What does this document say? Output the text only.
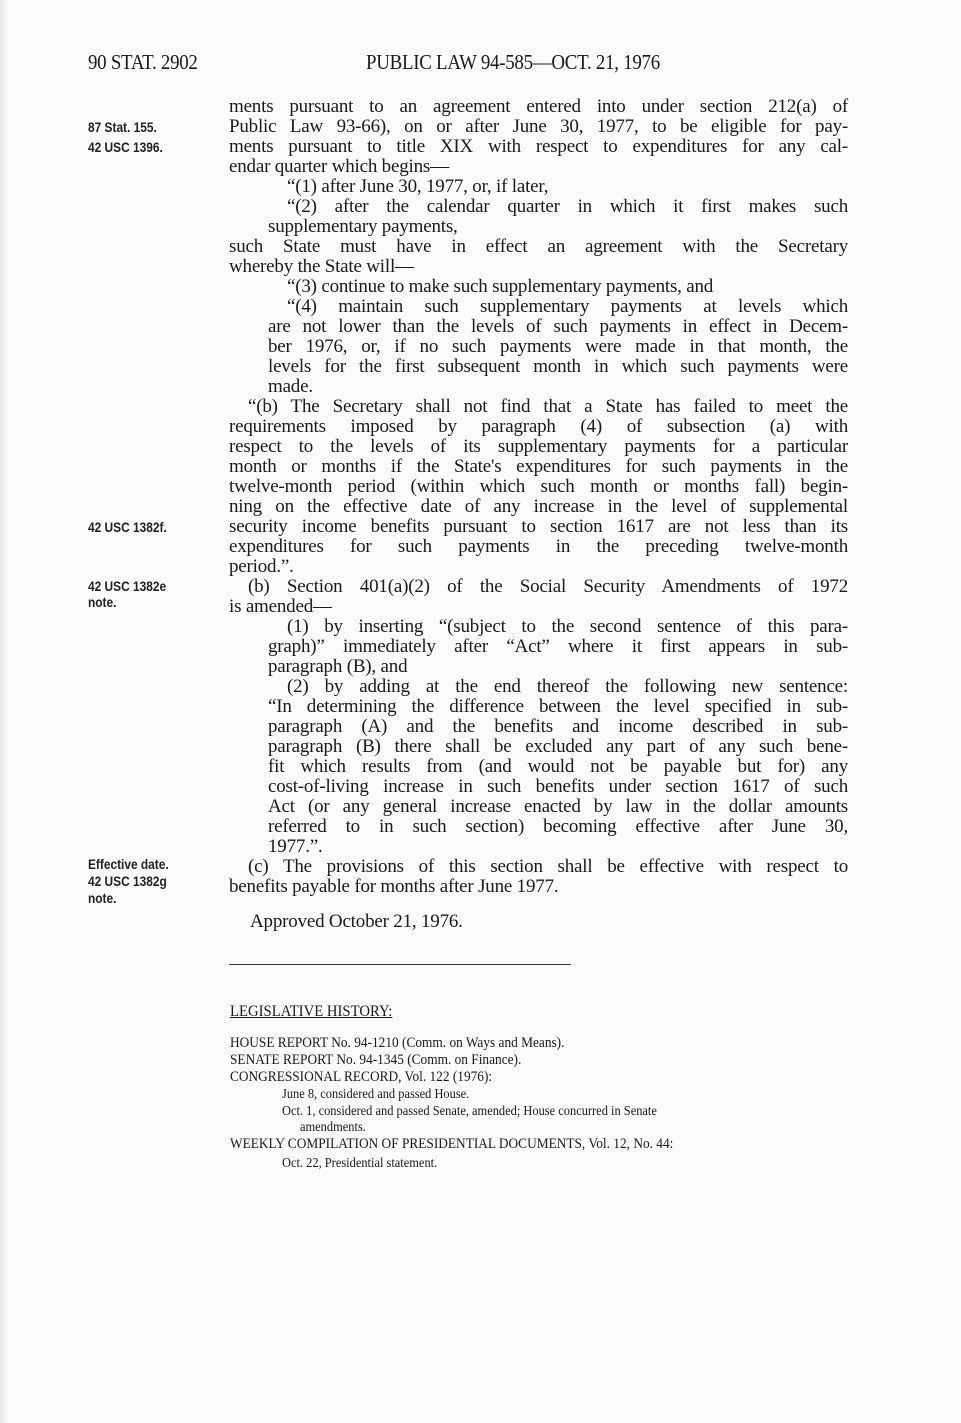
90 STAT. 2902	PUBLIC LAW 94-585—OCT. 21, 1976
87 Stat. 155.
42 USC 1396.
42 USC 1382f.
42 USC 1382e
note.
Effective date.
42 USC 1382g
note.
ments pursuant to an agreement entered into under section 212(a) of
Public Law 93-66), on or after June 30, 1977, to be eligible for pay-
ments pursuant to title XIX with respect to expenditures for any cal-
endar quarter which begins—
“(1) after June 30, 1977, or, if later,
“(2) after the calendar quarter in which it first makes such
supplementary payments,
such State must have in effect an agreement with the Secretary
whereby the State will—
“(3) continue to make such supplementary payments, and
“(4) maintain such supplementary payments at levels which
are not lower than the levels of such payments in effect in Decem-
ber 1976, or, if no such payments were made in that month, the
levels for the first subsequent month in which such payments were
made.
“(b) The Secretary shall not find that a State has failed to meet the
requirements imposed by paragraph (4) of subsection (a) with
respect to the levels of its supplementary payments for a particular
month or months if the State's expenditures for such payments in the
twelve-month period (within which such month or months fall) begin-
ning on the effective date of any increase in the level of supplemental
security income benefits pursuant to section 1617 are not less than its
expenditures for such payments in the preceding twelve-month
period.”.
(b) Section 401(a)(2) of the Social Security Amendments of 1972
is amended—
(1) by inserting “(subject to the second sentence of this para-
graph)” immediately after “Act” where it first appears in sub-
paragraph (B), and
(2) by adding at the end thereof the following new sentence:
“In determining the difference between the level specified in sub-
paragraph (A) and the benefits and income described in sub-
paragraph (B) there shall be excluded any part of any such bene-
fit which results from (and would not be payable but for) any
cost-of-living increase in such benefits under section 1617 of such
Act (or any general increase enacted by law in the dollar amounts
referred to in such section) becoming effective after June 30,
1977.”.
(c) The provisions of this section shall be effective with respect to
benefits payable for months after June 1977.
Approved October 21, 1976.
LEGISLATIVE HISTORY:
HOUSE REPORT No. 94-1210 (Comm. on Ways and Means).
SENATE REPORT No. 94-1345 (Comm. on Finance).
CONGRESSIONAL RECORD, Vol. 122 (1976):
June 8, considered and passed House.
Oct. 1, considered and passed Senate, amended; House concurred in Senate
amendments.
WEEKLY COMPILATION OF PRESIDENTIAL DOCUMENTS, Vol. 12, No. 44:
Oct. 22, Presidential statement.
